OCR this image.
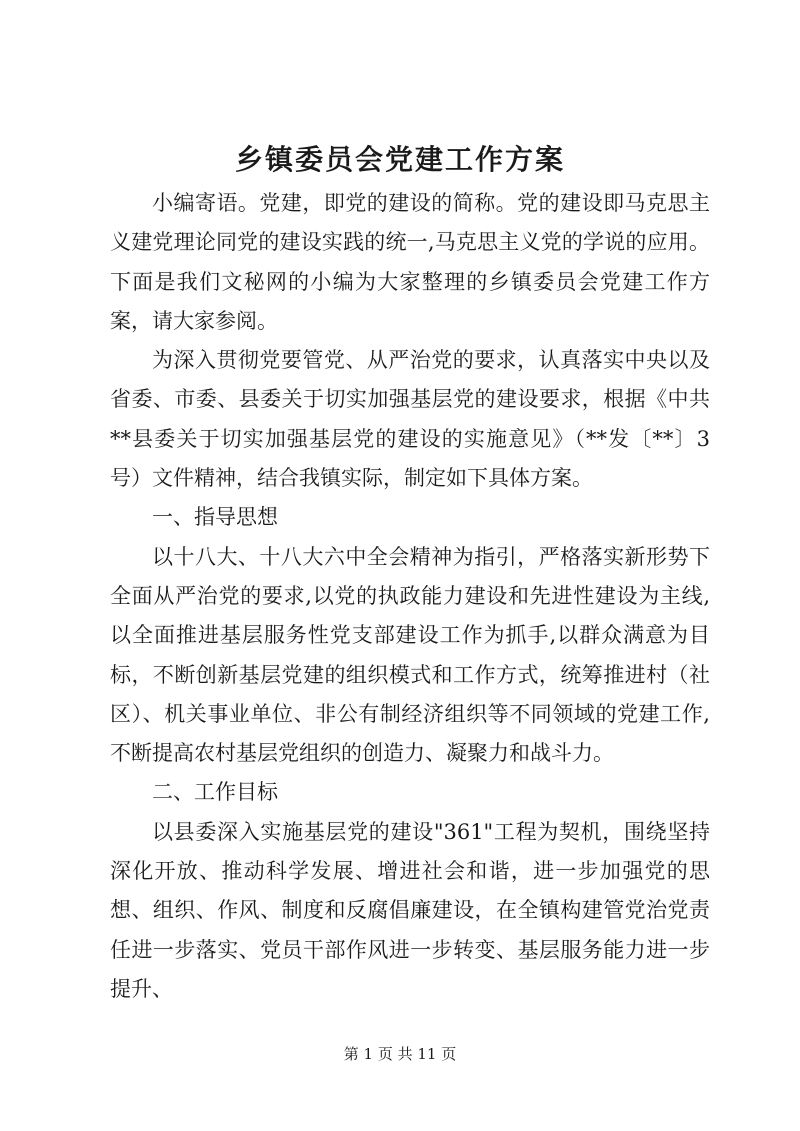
乡镇委员会党建工作方案

小编寄语。党建，即党的建设的简称。党的建设即马克思主义建党理论同党的建设实践的统一,马克思主义党的学说的应用。下面是我们文秘网的小编为大家整理的乡镇委员会党建工作方案，请大家参阅。

为深入贯彻党要管党、从严治党的要求，认真落实中央以及省委、市委、县委关于切实加强基层党的建设要求，根据《中共**县委关于切实加强基层党的建设的实施意见》（**发〔**〕3号）文件精神，结合我镇实际，制定如下具体方案。

一、指导思想

以十八大、十八大六中全会精神为指引，严格落实新形势下全面从严治党的要求,以党的执政能力建设和先进性建设为主线,以全面推进基层服务性党支部建设工作为抓手,以群众满意为目标，不断创新基层党建的组织模式和工作方式，统筹推进村（社区）、机关事业单位、非公有制经济组织等不同领域的党建工作,不断提高农村基层党组织的创造力、凝聚力和战斗力。

二、工作目标

以县委深入实施基层党的建设"361"工程为契机，围绕坚持深化开放、推动科学发展、增进社会和谐，进一步加强党的思想、组织、作风、制度和反腐倡廉建设，在全镇构建管党治党责任进一步落实、党员干部作风进一步转变、基层服务能力进一步提升、

第 1 页 共 11 页
